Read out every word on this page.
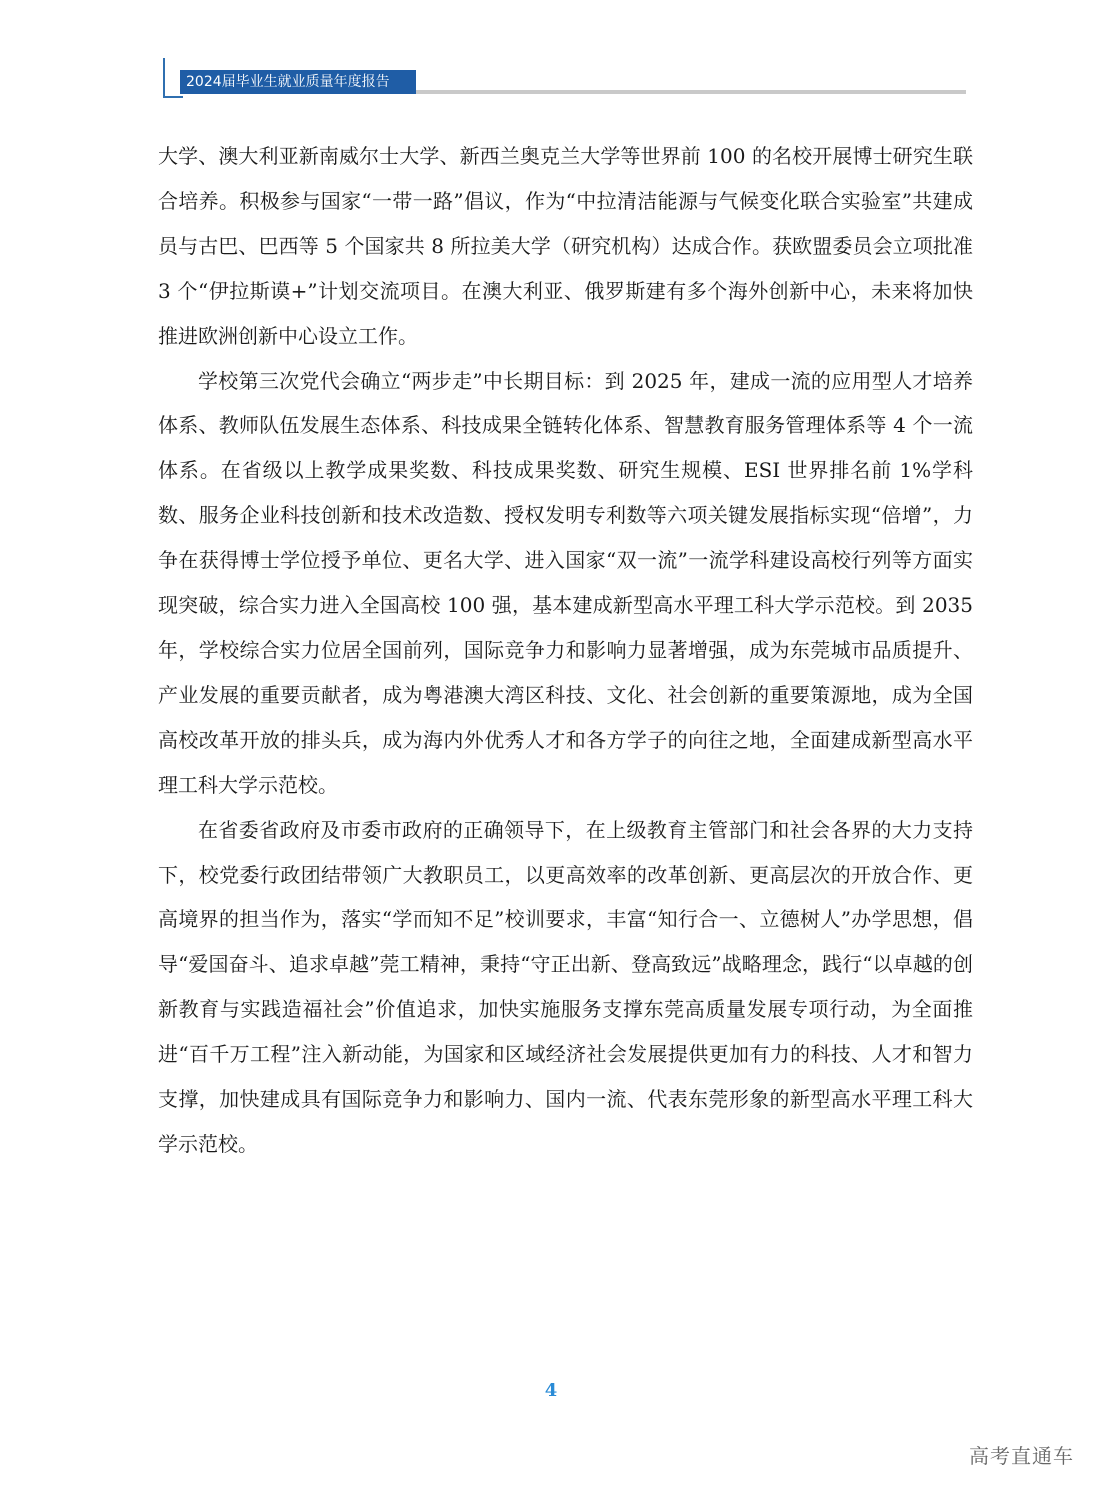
2024届毕业生就业质量年度报告

大学、澳大利亚新南威尔士大学、新西兰奥克兰大学等世界前 100 的名校开展博士研究生联合培养。积极参与国家“一带一路”倡议，作为“中拉清洁能源与气候变化联合实验室”共建成员与古巴、巴西等 5 个国家共 8 所拉美大学（研究机构）达成合作。获欧盟委员会立项批准 3 个“伊拉斯谟+”计划交流项目。在澳大利亚、俄罗斯建有多个海外创新中心，未来将加快推进欧洲创新中心设立工作。

学校第三次党代会确立“两步走”中长期目标：到 2025 年，建成一流的应用型人才培养体系、教师队伍发展生态体系、科技成果全链转化体系、智慧教育服务管理体系等 4 个一流体系。在省级以上教学成果奖数、科技成果奖数、研究生规模、ESI 世界排名前 1%学科数、服务企业科技创新和技术改造数、授权发明专利数等六项关键发展指标实现“倍增”，力争在获得博士学位授予单位、更名大学、进入国家“双一流”一流学科建设高校行列等方面实现突破，综合实力进入全国高校 100 强，基本建成新型高水平理工科大学示范校。到 2035 年，学校综合实力位居全国前列，国际竞争力和影响力显著增强，成为东莞城市品质提升、产业发展的重要贡献者，成为粤港澳大湾区科技、文化、社会创新的重要策源地，成为全国高校改革开放的排头兵，成为海内外优秀人才和各方学子的向往之地，全面建成新型高水平理工科大学示范校。

在省委省政府及市委市政府的正确领导下，在上级教育主管部门和社会各界的大力支持下，校党委行政团结带领广大教职员工，以更高效率的改革创新、更高层次的开放合作、更高境界的担当作为，落实“学而知不足”校训要求，丰富“知行合一、立德树人”办学思想，倡导“爱国奋斗、追求卓越”莞工精神，秉持“守正出新、登高致远”战略理念，践行“以卓越的创新教育与实践造福社会”价值追求，加快实施服务支撑东莞高质量发展专项行动，为全面推进“百千万工程”注入新动能，为国家和区域经济社会发展提供更加有力的科技、人才和智力支撑，加快建成具有国际竞争力和影响力、国内一流、代表东莞形象的新型高水平理工科大学示范校。

4
高考直通车
